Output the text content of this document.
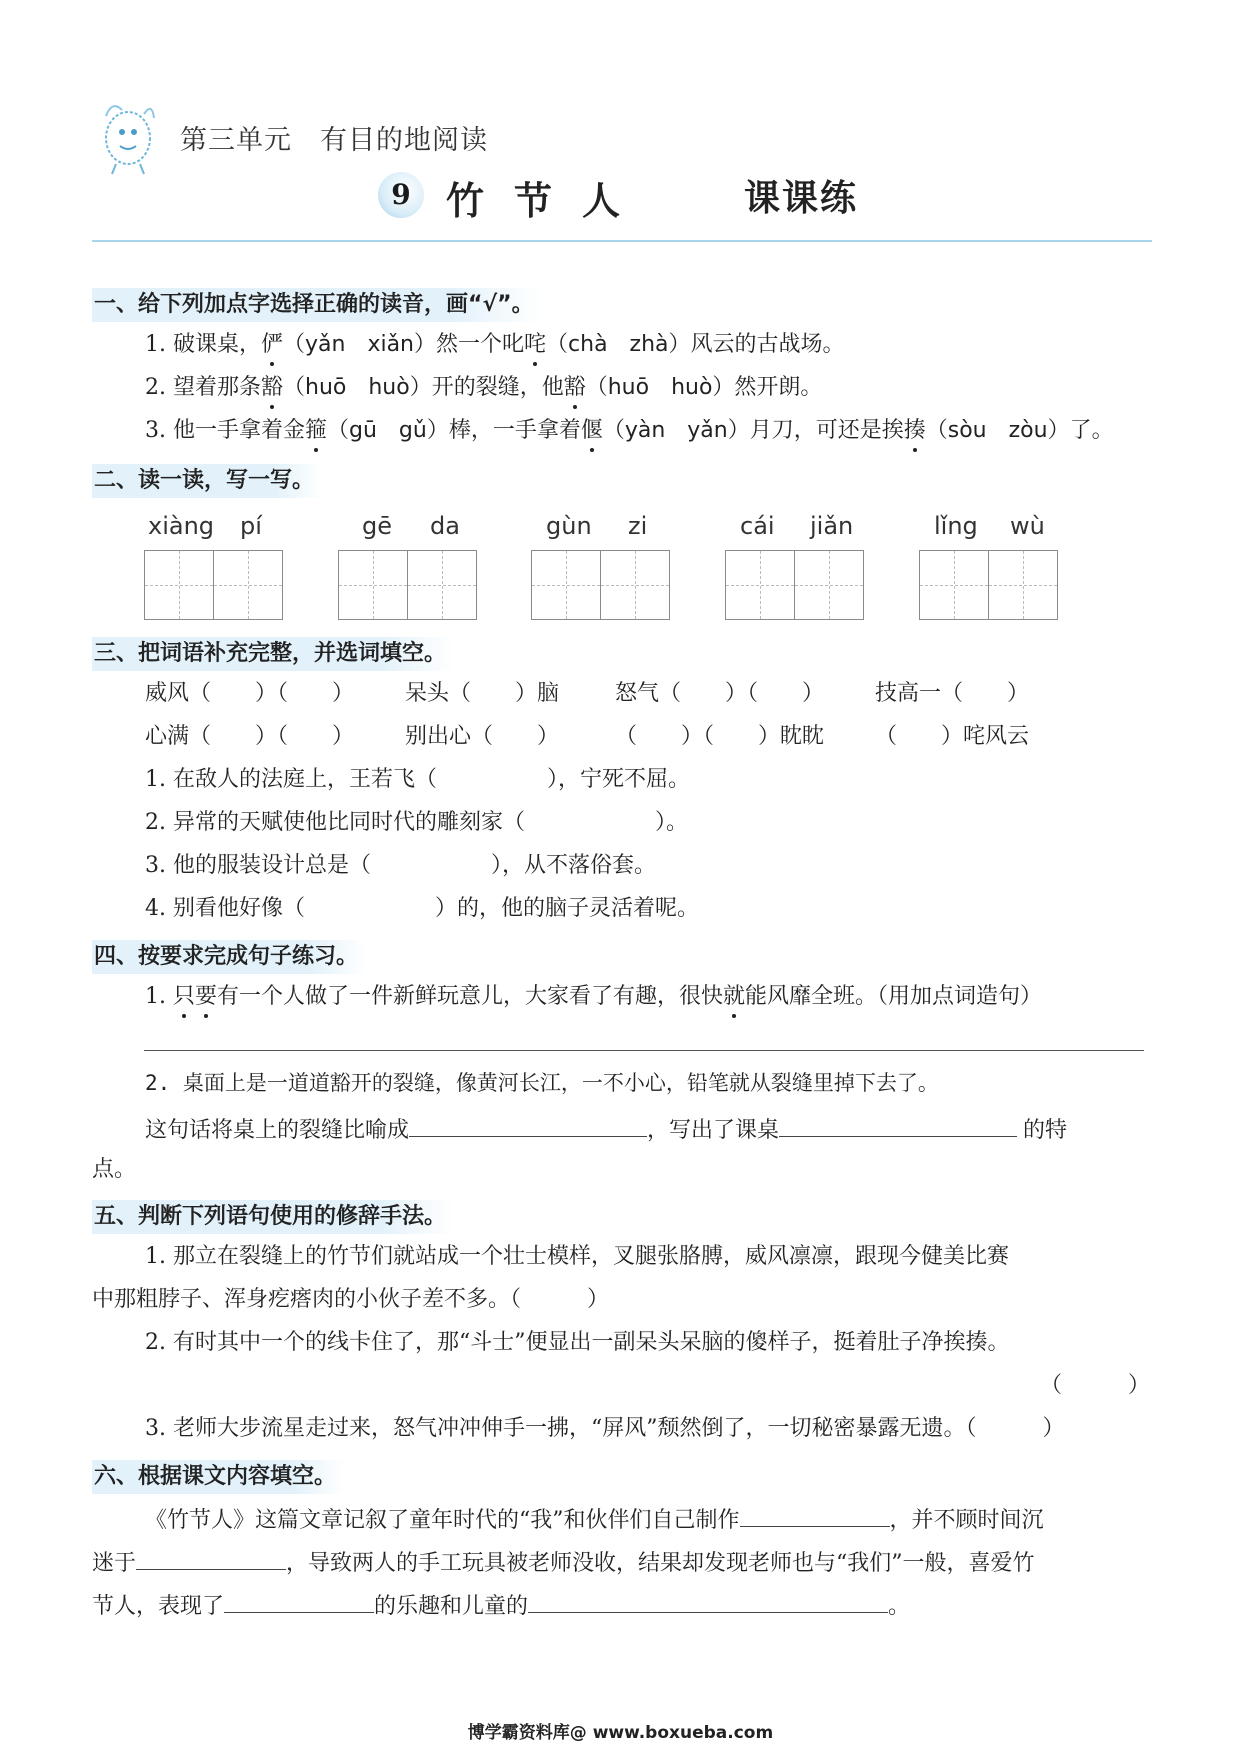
第三单元 有目的地阅读
9 竹节人	课课练
一、给下列加点字选择正确的读音，画“√”。
1. 破课桌，俨（yǎn　xiǎn）然一个叱咤（chà　zhà）风云的古战场。
2. 望着那条豁（huō　huò）开的裂缝，他豁（huō　huò）然开朗。
3. 他一手拿着金箍（gū　gǔ）棒，一手拿着偃（yàn　yǎn）月刀，可还是挨揍（sòu　zòu）了。
二、读一读，写一写。
xiàng pí	gē da	gùn zi	cái jiǎn	lǐng wù
三、把词语补充完整，并选词填空。
威风（　　）（　　） 呆头（　　）脑	怒气（　　）（　　） 技高一（　　）
心满（　　）（　　） 别出心（　　）	（　　）（　　）眈眈 （　　）咤风云
1. 在敌人的法庭上，王若飞（	），宁死不屈。
2. 异常的天赋使他比同时代的雕刻家（	）。
3. 他的服装设计总是（	），从不落俗套。
4. 别看他好像（	）的，他的脑子灵活着呢。
四、按要求完成句子练习。
1. 只要有一个人做了一件新鲜玩意儿，大家看了有趣，很快就能风靡全班。（用加点词造句）
2. 桌面上是一道道豁开的裂缝，像黄河长江，一不小心，铅笔就从裂缝里掉下去了。
这句话将桌上的裂缝比喻成	，写出了课桌	的特
点。
五、判断下列语句使用的修辞手法。
1. 那立在裂缝上的竹节们就站成一个壮士模样，叉腿张胳膊，威风凛凛，跟现今健美比赛
中那粗脖子、浑身疙瘩肉的小伙子差不多。（　　　）
2. 有时其中一个的线卡住了，那“斗士”便显出一副呆头呆脑的傻样子，挺着肚子净挨揍。
（　　　）
3. 老师大步流星走过来，怒气冲冲伸手一拂，“屏风”颓然倒了，一切秘密暴露无遗。（　　　）
六、根据课文内容填空。
《竹节人》这篇文章记叙了童年时代的“我”和伙伴们自己制作	，并不顾时间沉
迷于	，导致两人的手工玩具被老师没收，结果却发现老师也与“我们”一般，喜爱竹
节人，表现了	的乐趣和儿童的	。
博学霸资料库@ www.boxueba.com
